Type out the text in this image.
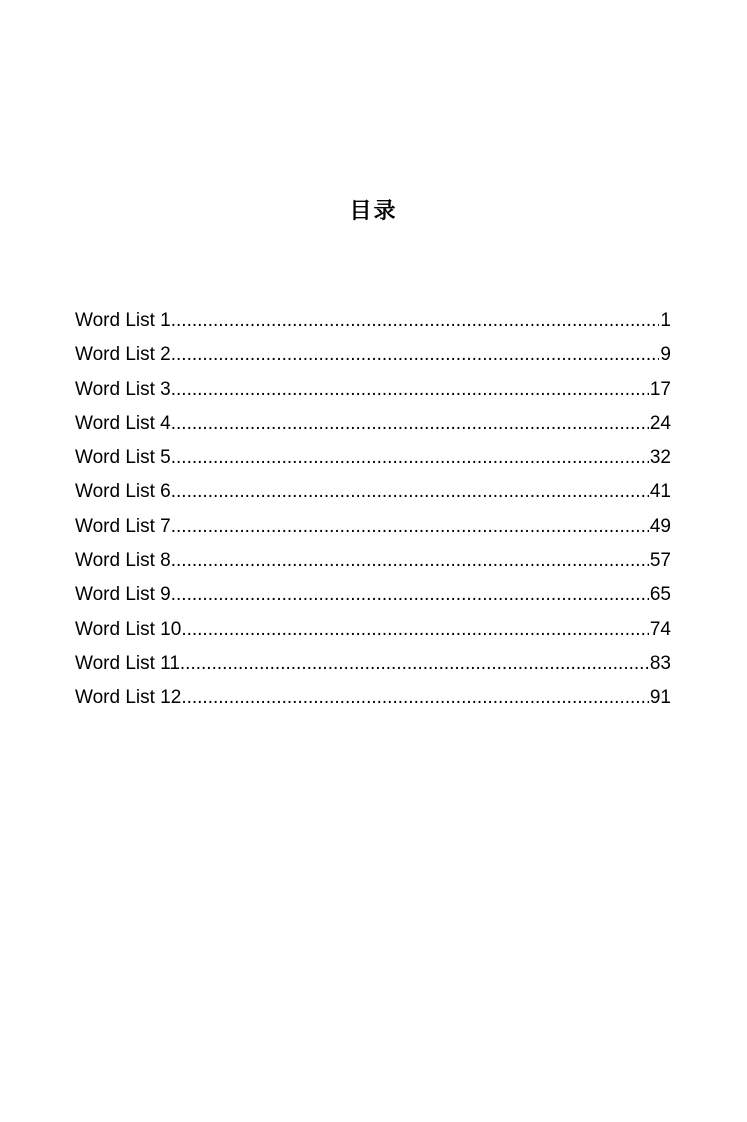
目录
Word List 1 .....	1
Word List 2 .....	9
Word List 3 .....	17
Word List 4 .....	24
Word List 5 .....	32
Word List 6 .....	41
Word List 7 .....	49
Word List 8 .....	57
Word List 9 .....	65
Word List 10 .....	74
Word List 11 .....	83
Word List 12 .....	91
